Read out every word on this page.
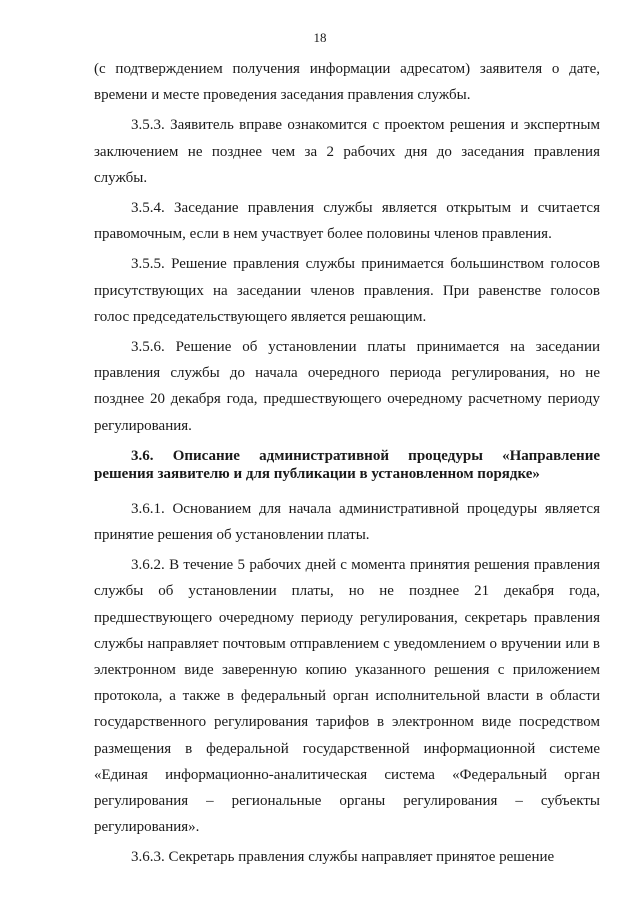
18

(с подтверждением получения информации адресатом) заявителя о дате, времени и месте проведения заседания правления службы.

3.5.3. Заявитель вправе ознакомится с проектом решения и экспертным заключением не позднее чем за 2 рабочих дня до заседания правления службы.

3.5.4. Заседание правления службы является открытым и считается правомочным, если в нем участвует более половины членов правления.

3.5.5. Решение правления службы принимается большинством голосов присутствующих на заседании членов правления. При равенстве голосов голос председательствующего является решающим.

3.5.6. Решение об установлении платы принимается на заседании правления службы до начала очередного периода регулирования, но не позднее 20 декабря года, предшествующего очередному расчетному периоду регулирования.

3.6. Описание административной процедуры «Направление решения заявителю и для публикации в установленном порядке»

3.6.1. Основанием для начала административной процедуры является принятие решения об установлении платы.

3.6.2. В течение 5 рабочих дней с момента принятия решения правления службы об установлении платы, но не позднее 21 декабря года, предшествующего очередному периоду регулирования, секретарь правления службы направляет почтовым отправлением с уведомлением о вручении или в электронном виде заверенную копию указанного решения с приложением протокола, а также в федеральный орган исполнительной власти в области государственного регулирования тарифов в электронном виде посредством размещения в федеральной государственной информационной системе «Единая информационно-аналитическая система «Федеральный орган регулирования – региональные органы регулирования – субъекты регулирования».

3.6.3. Секретарь правления службы направляет принятое решение
